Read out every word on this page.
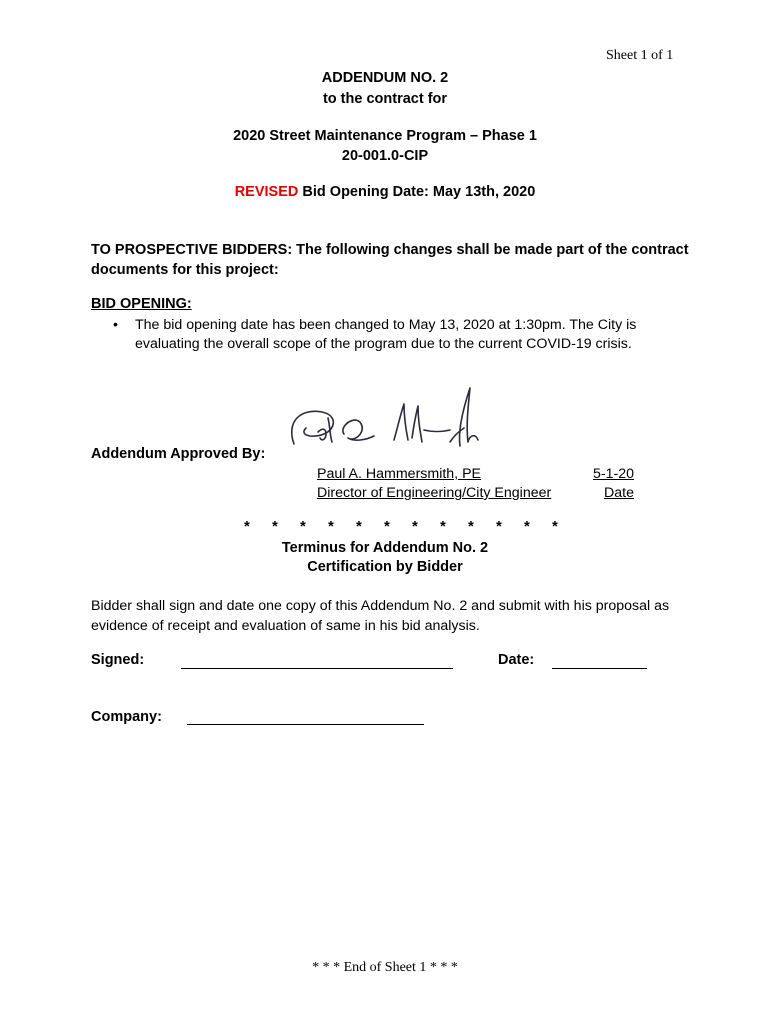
Sheet 1 of 1
ADDENDUM NO. 2
to the contract for
2020 Street Maintenance Program – Phase 1
20-001.0-CIP
REVISED Bid Opening Date: May 13th, 2020
TO PROSPECTIVE BIDDERS: The following changes shall be made part of the contract documents for this project:
BID OPENING:
•	The bid opening date has been changed to May 13, 2020 at 1:30pm. The City is evaluating the overall scope of the program due to the current COVID-19 crisis.
Addendum Approved By:
Paul A. Hammersmith, PE
Director of Engineering/City Engineer
5-1-20
Date
* * * * * * * * * * * *
Terminus for Addendum No. 2
Certification by Bidder
Bidder shall sign and date one copy of this Addendum No. 2 and submit with his proposal as evidence of receipt and evaluation of same in his bid analysis.
Signed:	Date:
Company:
* * * End of Sheet 1 * * *
